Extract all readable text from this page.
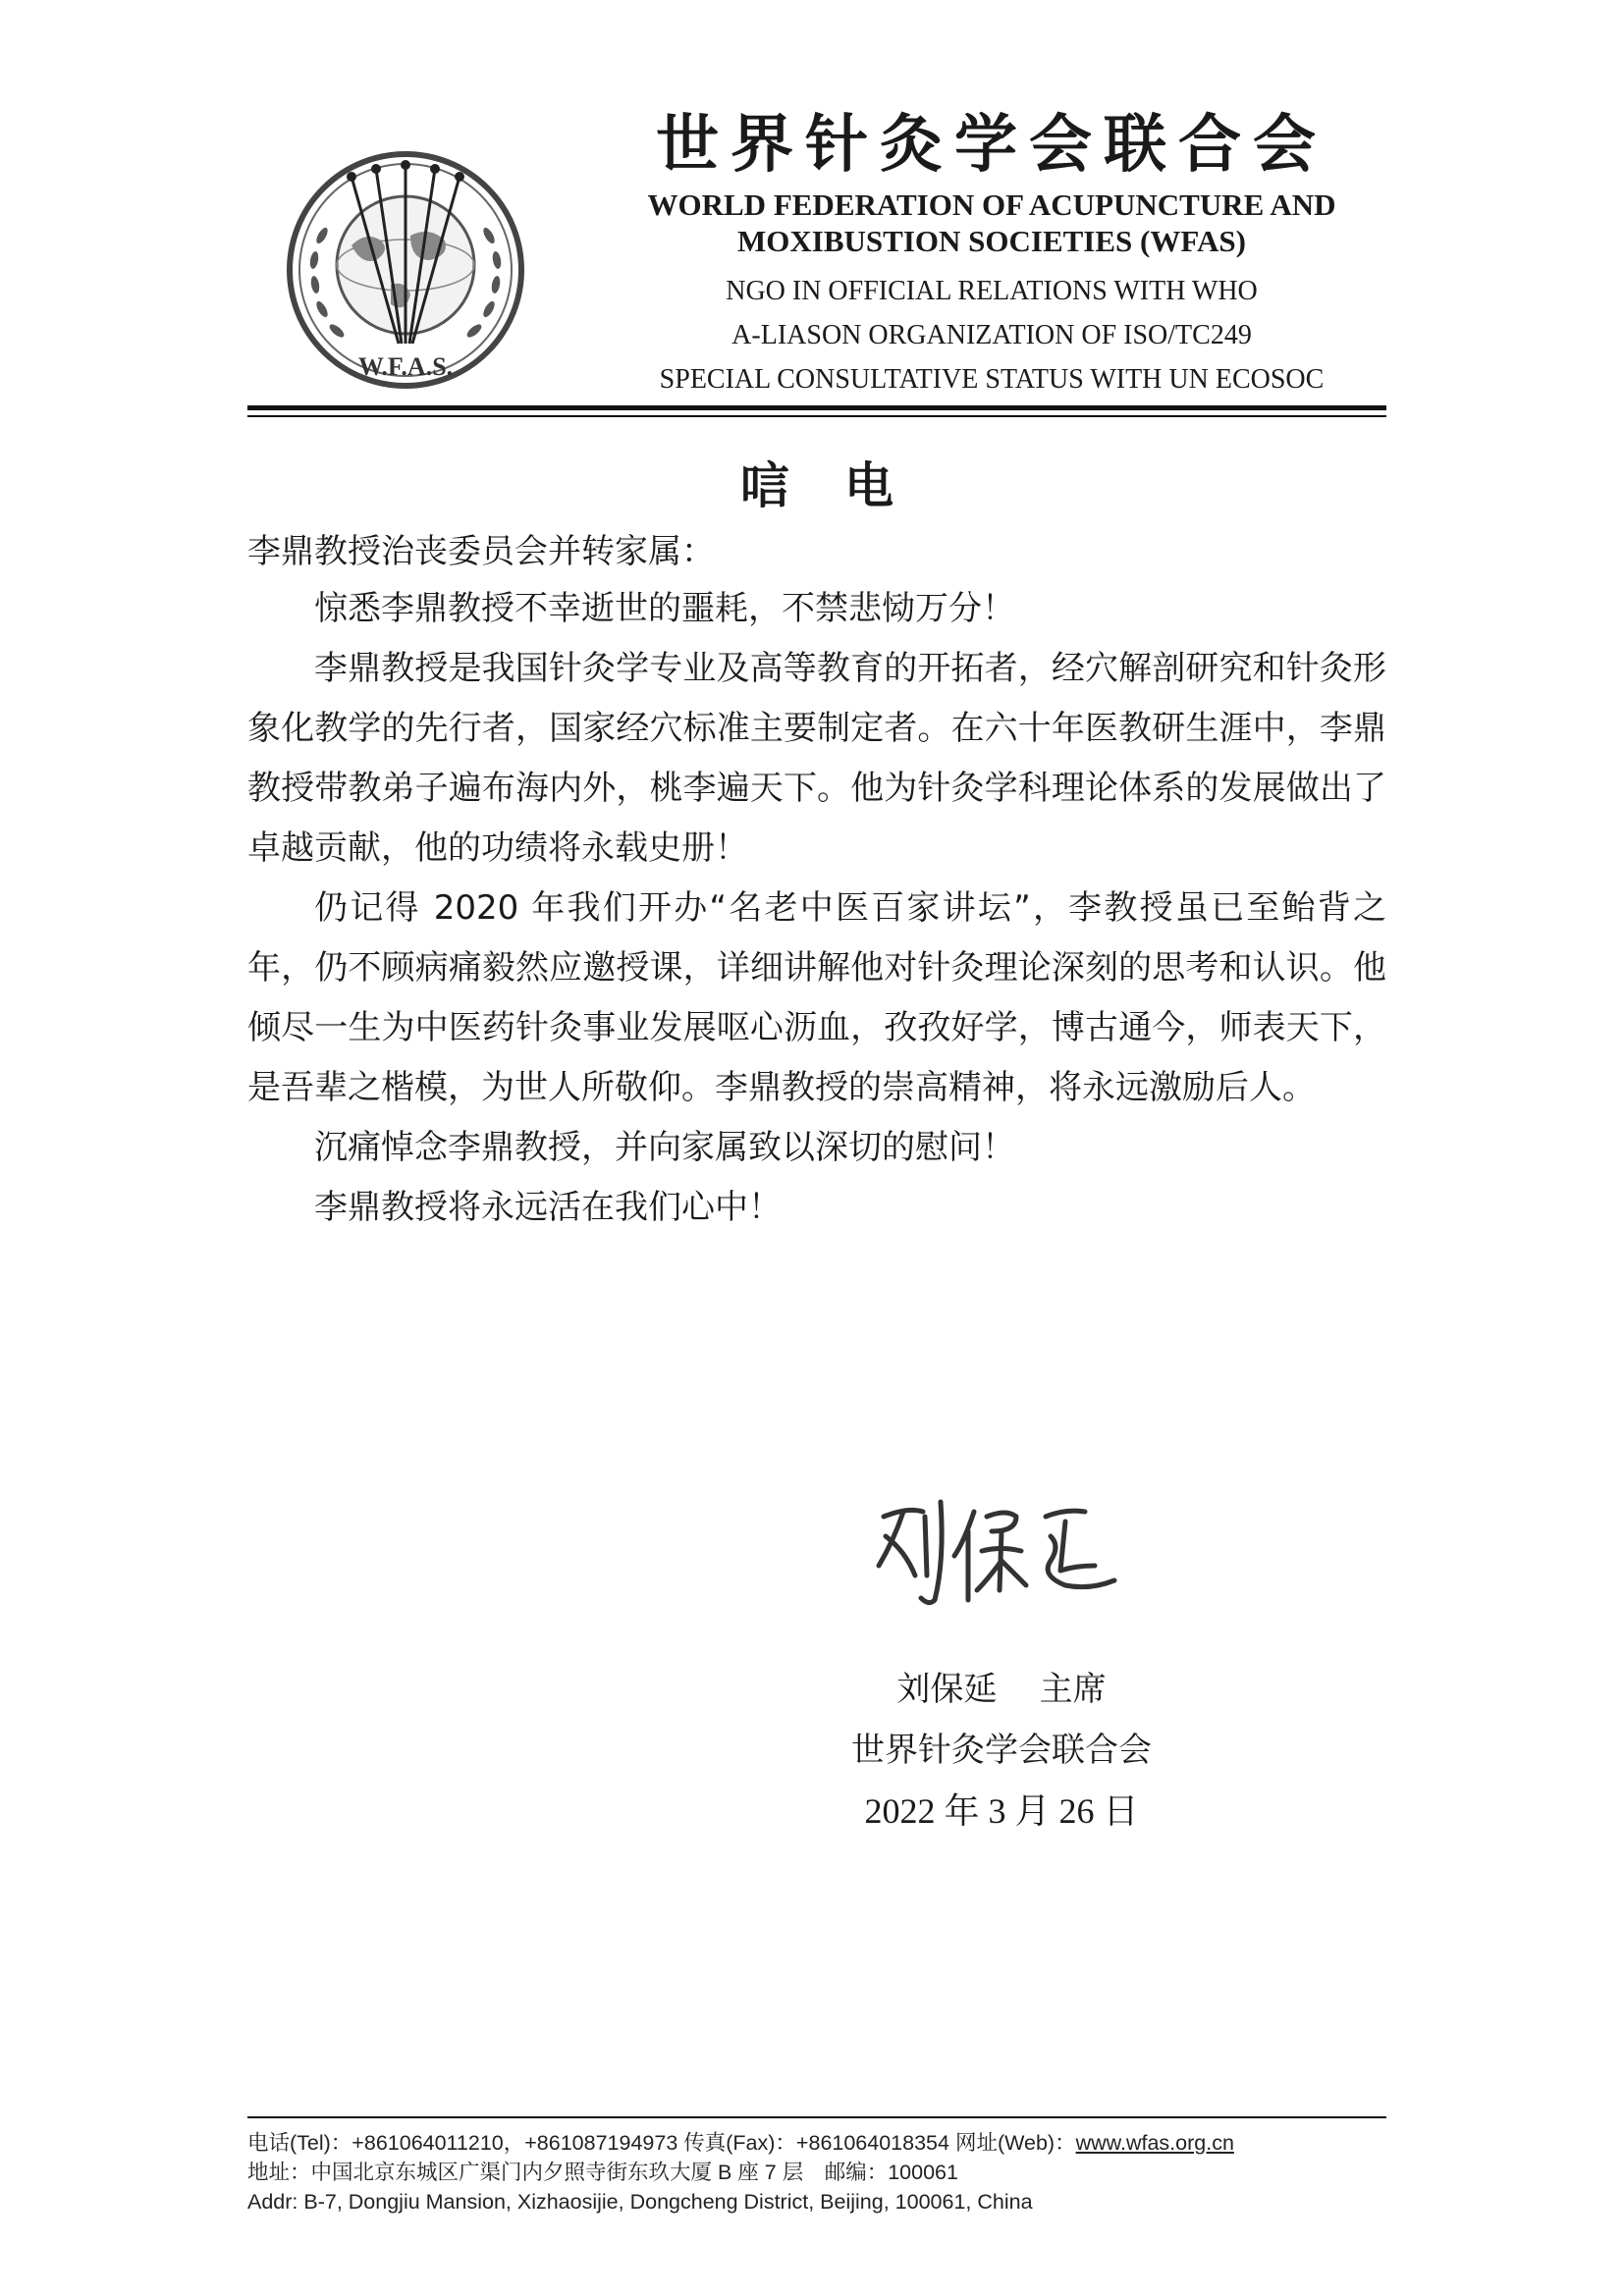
W.F.A.S.
世界针灸学会联合会
WORLD FEDERATION OF ACUPUNCTURE AND
MOXIBUSTION SOCIETIES (WFAS)
NGO IN OFFICIAL RELATIONS WITH WHO
A-LIASON ORGANIZATION OF ISO/TC249
SPECIAL CONSULTATIVE STATUS WITH UN ECOSOC
唁电
李鼎教授治丧委员会并转家属：

惊悉李鼎教授不幸逝世的噩耗，不禁悲恸万分！

李鼎教授是我国针灸学专业及高等教育的开拓者，经穴解剖研究和针灸形象化教学的先行者，国家经穴标准主要制定者。在六十年医教研生涯中，李鼎教授带教弟子遍布海内外，桃李遍天下。他为针灸学科理论体系的发展做出了卓越贡献，他的功绩将永载史册！

仍记得 2020 年我们开办“名老中医百家讲坛”，李教授虽已至鲐背之年，仍不顾病痛毅然应邀授课，详细讲解他对针灸理论深刻的思考和认识。他倾尽一生为中医药针灸事业发展呕心沥血，孜孜好学，博古通今，师表天下，是吾辈之楷模，为世人所敬仰。李鼎教授的崇高精神，将永远激励后人。

沉痛悼念李鼎教授，并向家属致以深切的慰问！

李鼎教授将永远活在我们心中！

刘保延    主席
世界针灸学会联合会
2022 年 3 月 26 日
电话(Tel)：+861064011210，+861087194973 传真(Fax)：+861064018354 网址(Web)：www.wfas.org.cn
地址：中国北京东城区广渠门内夕照寺街东玖大厦 B 座 7 层　邮编：100061
Addr: B-7, Dongjiu Mansion, Xizhaosijie, Dongcheng District, Beijing, 100061, China
